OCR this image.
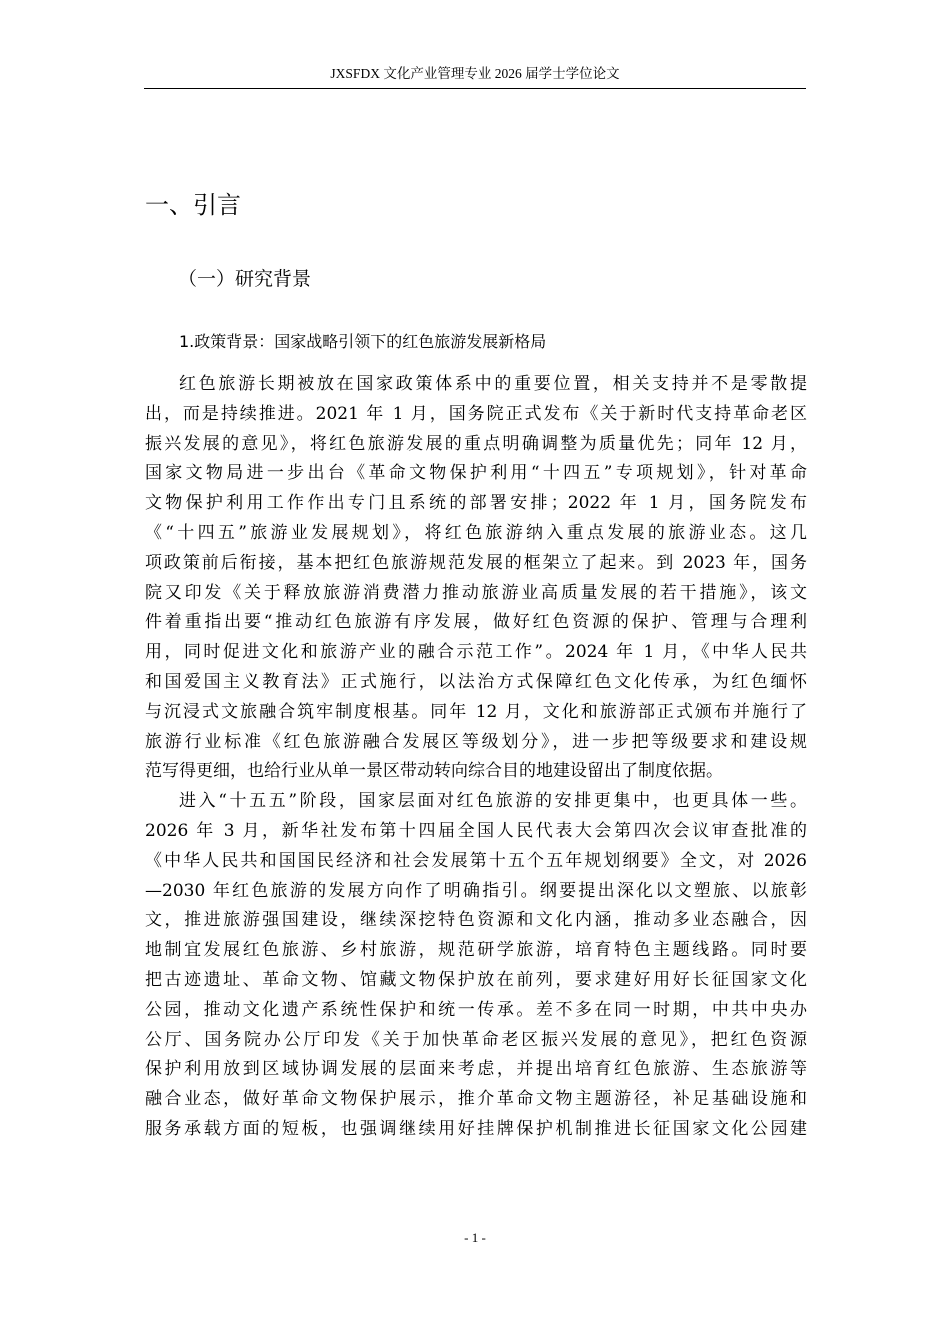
JXSFDX 文化产业管理专业 2026 届学士学位论文
一、引言
（一）研究背景
1.政策背景：国家战略引领下的红色旅游发展新格局
红色旅游长期被放在国家政策体系中的重要位置，相关支持并不是零散提
出，而是持续推进。2021 年 1 月，国务院正式发布《关于新时代支持革命老区
振兴发展的意见》，将红色旅游发展的重点明确调整为质量优先；同年 12 月，
国家文物局进一步出台《革命文物保护利用“十四五”专项规划》，针对革命
文物保护利用工作作出专门且系统的部署安排；2022 年 1 月，国务院发布
《“十四五”旅游业发展规划》，将红色旅游纳入重点发展的旅游业态。这几
项政策前后衔接，基本把红色旅游规范发展的框架立了起来。到 2023 年，国务
院又印发《关于释放旅游消费潜力推动旅游业高质量发展的若干措施》，该文
件着重指出要“推动红色旅游有序发展，做好红色资源的保护、管理与合理利
用，同时促进文化和旅游产业的融合示范工作”。2024 年 1 月，《中华人民共
和国爱国主义教育法》正式施行，以法治方式保障红色文化传承，为红色缅怀
与沉浸式文旅融合筑牢制度根基。同年 12 月，文化和旅游部正式颁布并施行了
旅游行业标准《红色旅游融合发展区等级划分》，进一步把等级要求和建设规
范写得更细，也给行业从单一景区带动转向综合目的地建设留出了制度依据。
进入“十五五”阶段，国家层面对红色旅游的安排更集中，也更具体一些。
2026 年 3 月，新华社发布第十四届全国人民代表大会第四次会议审查批准的
《中华人民共和国国民经济和社会发展第十五个五年规划纲要》全文，对 2026
—2030 年红色旅游的发展方向作了明确指引。纲要提出深化以文塑旅、以旅彰
文，推进旅游强国建设，继续深挖特色资源和文化内涵，推动多业态融合，因
地制宜发展红色旅游、乡村旅游，规范研学旅游，培育特色主题线路。同时要
把古迹遗址、革命文物、馆藏文物保护放在前列，要求建好用好长征国家文化
公园，推动文化遗产系统性保护和统一传承。差不多在同一时期，中共中央办
公厅、国务院办公厅印发《关于加快革命老区振兴发展的意见》，把红色资源
保护利用放到区域协调发展的层面来考虑，并提出培育红色旅游、生态旅游等
融合业态，做好革命文物保护展示，推介革命文物主题游径，补足基础设施和
服务承载方面的短板，也强调继续用好挂牌保护机制推进长征国家文化公园建
- 1 -
